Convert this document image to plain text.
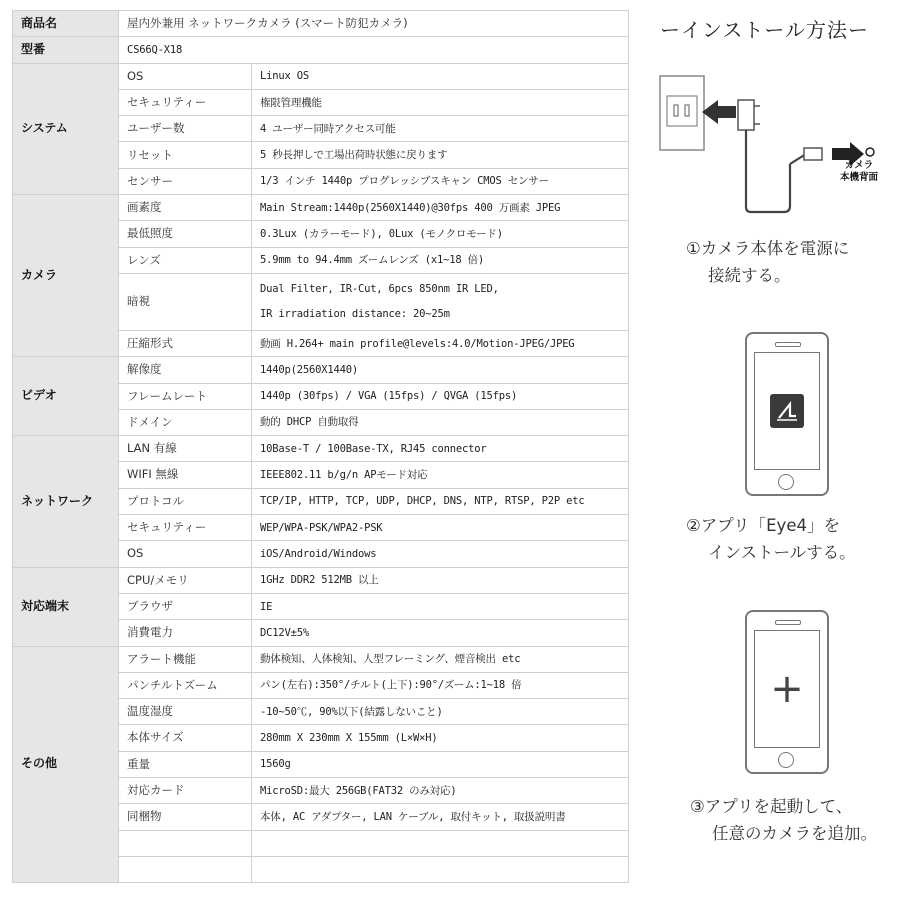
商品名	屋内外兼用 ネットワークカメラ (スマート防犯カメラ)	
型番	CS66Q-X18	
システム	OS	Linux OS
	セキュリティー	権限管理機能
	ユーザー数	4 ユーザー同時アクセス可能
	リセット	5 秒長押しで工場出荷時状態に戻ります
	センサー	1/3 インチ 1440p プログレッシブスキャン CMOS センサー
カメラ	画素度	Main Stream:1440p(2560X1440)@30fps 400 万画素 JPEG
	最低照度	0.3Lux (カラーモード), 0Lux (モノクロモード)
	レンズ	5.9mm to 94.4mm ズームレンズ (x1~18 倍)
	暗視	Dual Filter, IR-Cut, 6pcs 850nm IR LED,
IR irradiation distance: 20~25m

	圧縮形式	動画 H.264+ main profile@levels:4.0/Motion-JPEG/JPEG
ビデオ	解像度	1440p(2560X1440)
	フレームレート	1440p (30fps) / VGA (15fps) / QVGA (15fps)
	ドメイン	動的 DHCP 自動取得
ネットワーク	LAN 有線	10Base-T / 100Base-TX, RJ45 connector
	WIFI 無線	IEEE802.11 b/g/n APモード対応
	プロトコル	TCP/IP, HTTP, TCP, UDP, DHCP, DNS, NTP, RTSP, P2P etc
	セキュリティー	WEP/WPA-PSK/WPA2-PSK
	OS	iOS/Android/Windows
対応端末	CPU/メモリ	1GHz DDR2 512MB 以上
	ブラウザ	IE
	消費電力	DC12V±5%
その他	アラート機能	動体検知、人体検知、人型フレーミング、煙音検出 etc
	パンチルトズーム	パン(左右):350°/チルト(上下):90°/ズーム:1~18 倍
	温度湿度	-10~50℃, 90%以下(結露しないこと)
	本体サイズ	280mm X 230mm X 155mm (L×W×H)
	重量	1560g
	対応カード	MicroSD:最大 256GB(FAT32 のみ対応)
	同梱物	本体, AC アダプター, LAN ケーブル, 取付キット, 取扱説明書

ーインストール方法ー
カメラ
本機背面
①カメラ本体を電源に
接続する。
②アプリ「Eye4」を
インストールする。
+
③アプリを起動して、
任意のカメラを追加。
